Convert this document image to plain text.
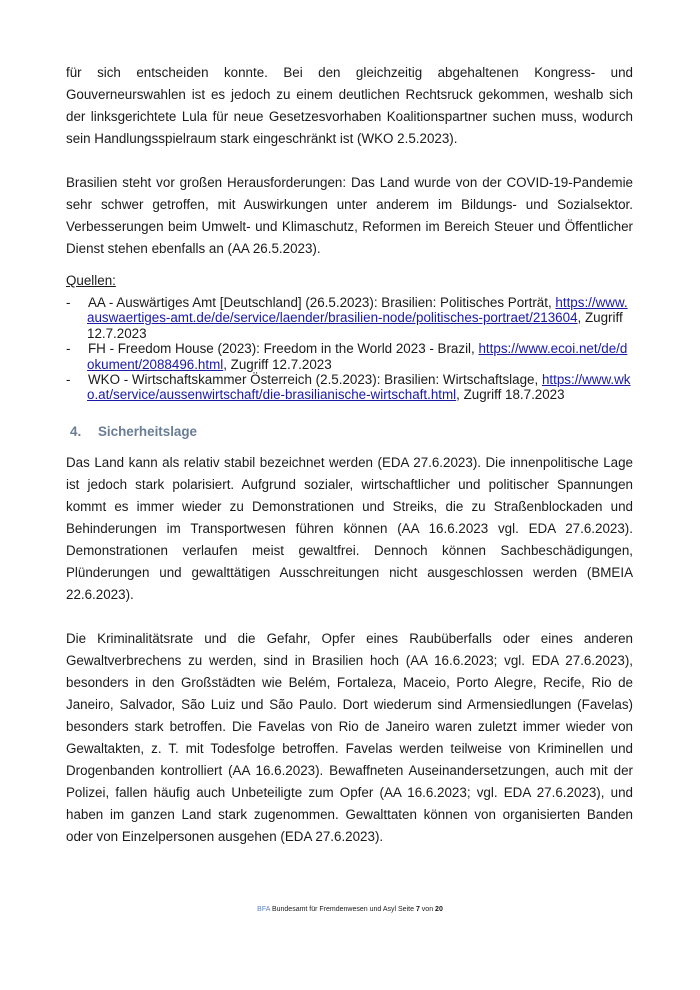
für sich entscheiden konnte. Bei den gleichzeitig abgehaltenen Kongress- und Gouverneurswahlen ist es jedoch zu einem deutlichen Rechtsruck gekommen, weshalb sich der linksgerichtete Lula für neue Gesetzesvorhaben Koalitionspartner suchen muss, wodurch sein Handlungsspielraum stark eingeschränkt ist (WKO 2.5.2023).

Brasilien steht vor großen Herausforderungen: Das Land wurde von der COVID-19-Pandemie sehr schwer getroffen, mit Auswirkungen unter anderem im Bildungs- und Sozialsektor. Verbesserungen beim Umwelt- und Klimaschutz, Reformen im Bereich Steuer und Öffentlicher Dienst stehen ebenfalls an (AA 26.5.2023).

Quellen:
- AA - Auswärtiges Amt [Deutschland] (26.5.2023): Brasilien: Politisches Porträt, https://www.auswaertiges-amt.de/de/service/laender/brasilien-node/politisches-portraet/213604, Zugriff 12.7.2023
- FH - Freedom House (2023): Freedom in the World 2023 - Brazil, https://www.ecoi.net/de/dokument/2088496.html, Zugriff 12.7.2023
- WKO - Wirtschaftskammer Österreich (2.5.2023): Brasilien: Wirtschaftslage, https://www.wko.at/service/aussenwirtschaft/die-brasilianische-wirtschaft.html, Zugriff 18.7.2023
4. Sicherheitslage

Das Land kann als relativ stabil bezeichnet werden (EDA 27.6.2023). Die innenpolitische Lage ist jedoch stark polarisiert. Aufgrund sozialer, wirtschaftlicher und politischer Spannungen kommt es immer wieder zu Demonstrationen und Streiks, die zu Straßenblockaden und Behinderungen im Transportwesen führen können (AA 16.6.2023 vgl. EDA 27.6.2023). Demonstrationen verlaufen meist gewaltfrei. Dennoch können Sachbeschädigungen, Plünderungen und gewalttätigen Ausschreitungen nicht ausgeschlossen werden (BMEIA 22.6.2023).

Die Kriminalitätsrate und die Gefahr, Opfer eines Raubüberfalls oder eines anderen Gewaltverbrechens zu werden, sind in Brasilien hoch (AA 16.6.2023; vgl. EDA 27.6.2023), besonders in den Großstädten wie Belém, Fortaleza, Maceio, Porto Alegre, Recife, Rio de Janeiro, Salvador, São Luiz und São Paulo. Dort wiederum sind Armensiedlungen (Favelas) besonders stark betroffen. Die Favelas von Rio de Janeiro waren zuletzt immer wieder von Gewaltakten, z. T. mit Todesfolge betroffen. Favelas werden teilweise von Kriminellen und Drogenbanden kontrolliert (AA 16.6.2023). Bewaffneten Auseinandersetzungen, auch mit der Polizei, fallen häufig auch Unbeteiligte zum Opfer (AA 16.6.2023; vgl. EDA 27.6.2023), und haben im ganzen Land stark zugenommen. Gewalttaten können von organisierten Banden oder von Einzelpersonen ausgehen (EDA 27.6.2023).

BFA Bundesamt für Fremdenwesen und Asyl Seite 7 von 20
